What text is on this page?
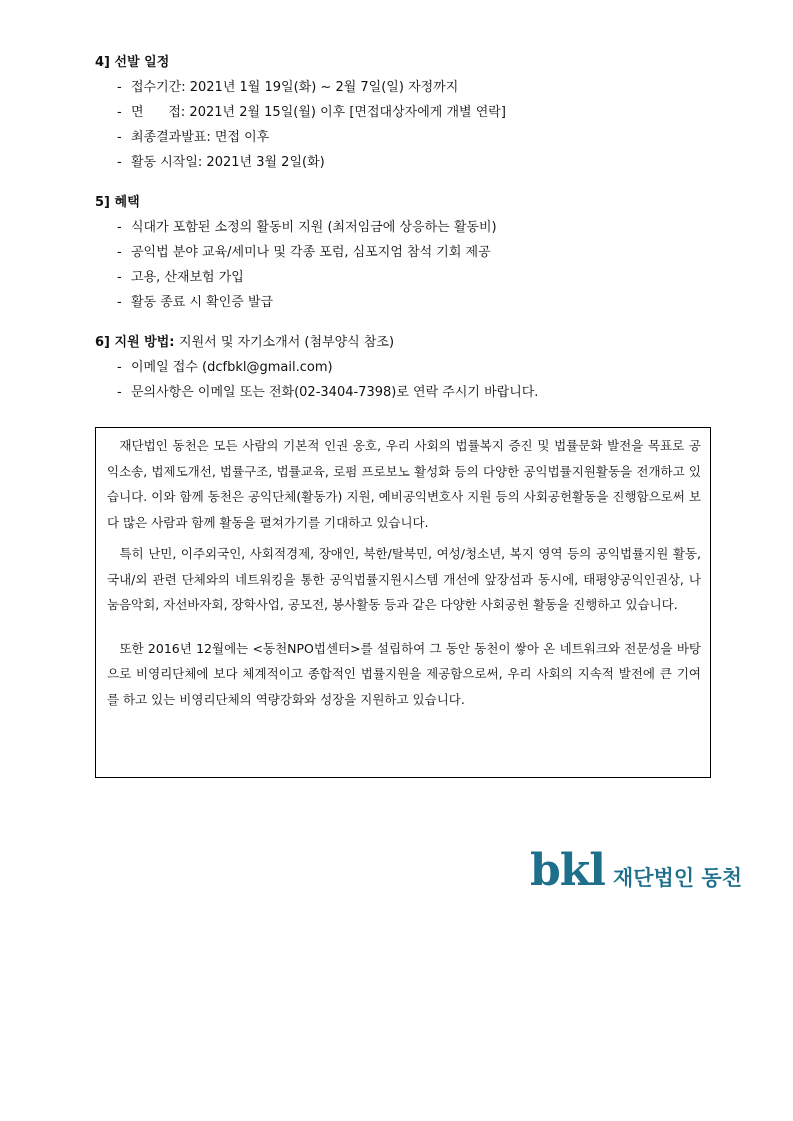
4] 선발 일정
- 접수기간: 2021년 1월 19일(화) ~ 2월 7일(일) 자정까지
- 면      접: 2021년 2월 15일(월) 이후 [면접대상자에게 개별 연락]
- 최종결과발표: 면접 이후
- 활동 시작일: 2021년 3월 2일(화)
5] 혜택
- 식대가 포함된 소정의 활동비 지원 (최저임금에 상응하는 활동비)
- 공익법 분야 교육/세미나 및 각종 포럼, 심포지엄 참석 기회 제공
- 고용, 산재보험 가입
- 활동 종료 시 확인증 발급
6] 지원 방법: 지원서 및 자기소개서 (첨부양식 참조)
- 이메일 접수 (dcfbkl@gmail.com)
- 문의사항은 이메일 또는 전화(02-3404-7398)로 연락 주시기 바랍니다.

재단법인 동천은 모든 사람의 기본적 인권 옹호, 우리 사회의 법률복지 증진 및 법률문화 발전을 목표로 공익소송, 법제도개선, 법률구조, 법률교육, 로펌 프로보노 활성화 등의 다양한 공익법률지원활동을 전개하고 있습니다. 이와 함께 동천은 공익단체(활동가) 지원, 예비공익변호사 지원 등의 사회공헌활동을 진행함으로써 보다 많은 사람과 함께 활동을 펼쳐가기를 기대하고 있습니다.

특히 난민, 이주외국인, 사회적경제, 장애인, 북한/탈북민, 여성/청소년, 복지 영역 등의 공익법률지원 활동, 국내/외 관련 단체와의 네트워킹을 통한 공익법률지원시스템 개선에 앞장섬과 동시에, 태평양공익인권상, 나눔음악회, 자선바자회, 장학사업, 공모전, 봉사활동 등과 같은 다양한 사회공헌 활동을 진행하고 있습니다.

또한 2016년 12월에는 <동천NPO법센터>를 설립하여 그 동안 동천이 쌓아 온 네트워크와 전문성을 바탕으로 비영리단체에 보다 체계적이고 종합적인 법률지원을 제공함으로써, 우리 사회의 지속적 발전에 큰 기여를 하고 있는 비영리단체의 역량강화와 성장을 지원하고 있습니다.

bkl 재단법인 동천
